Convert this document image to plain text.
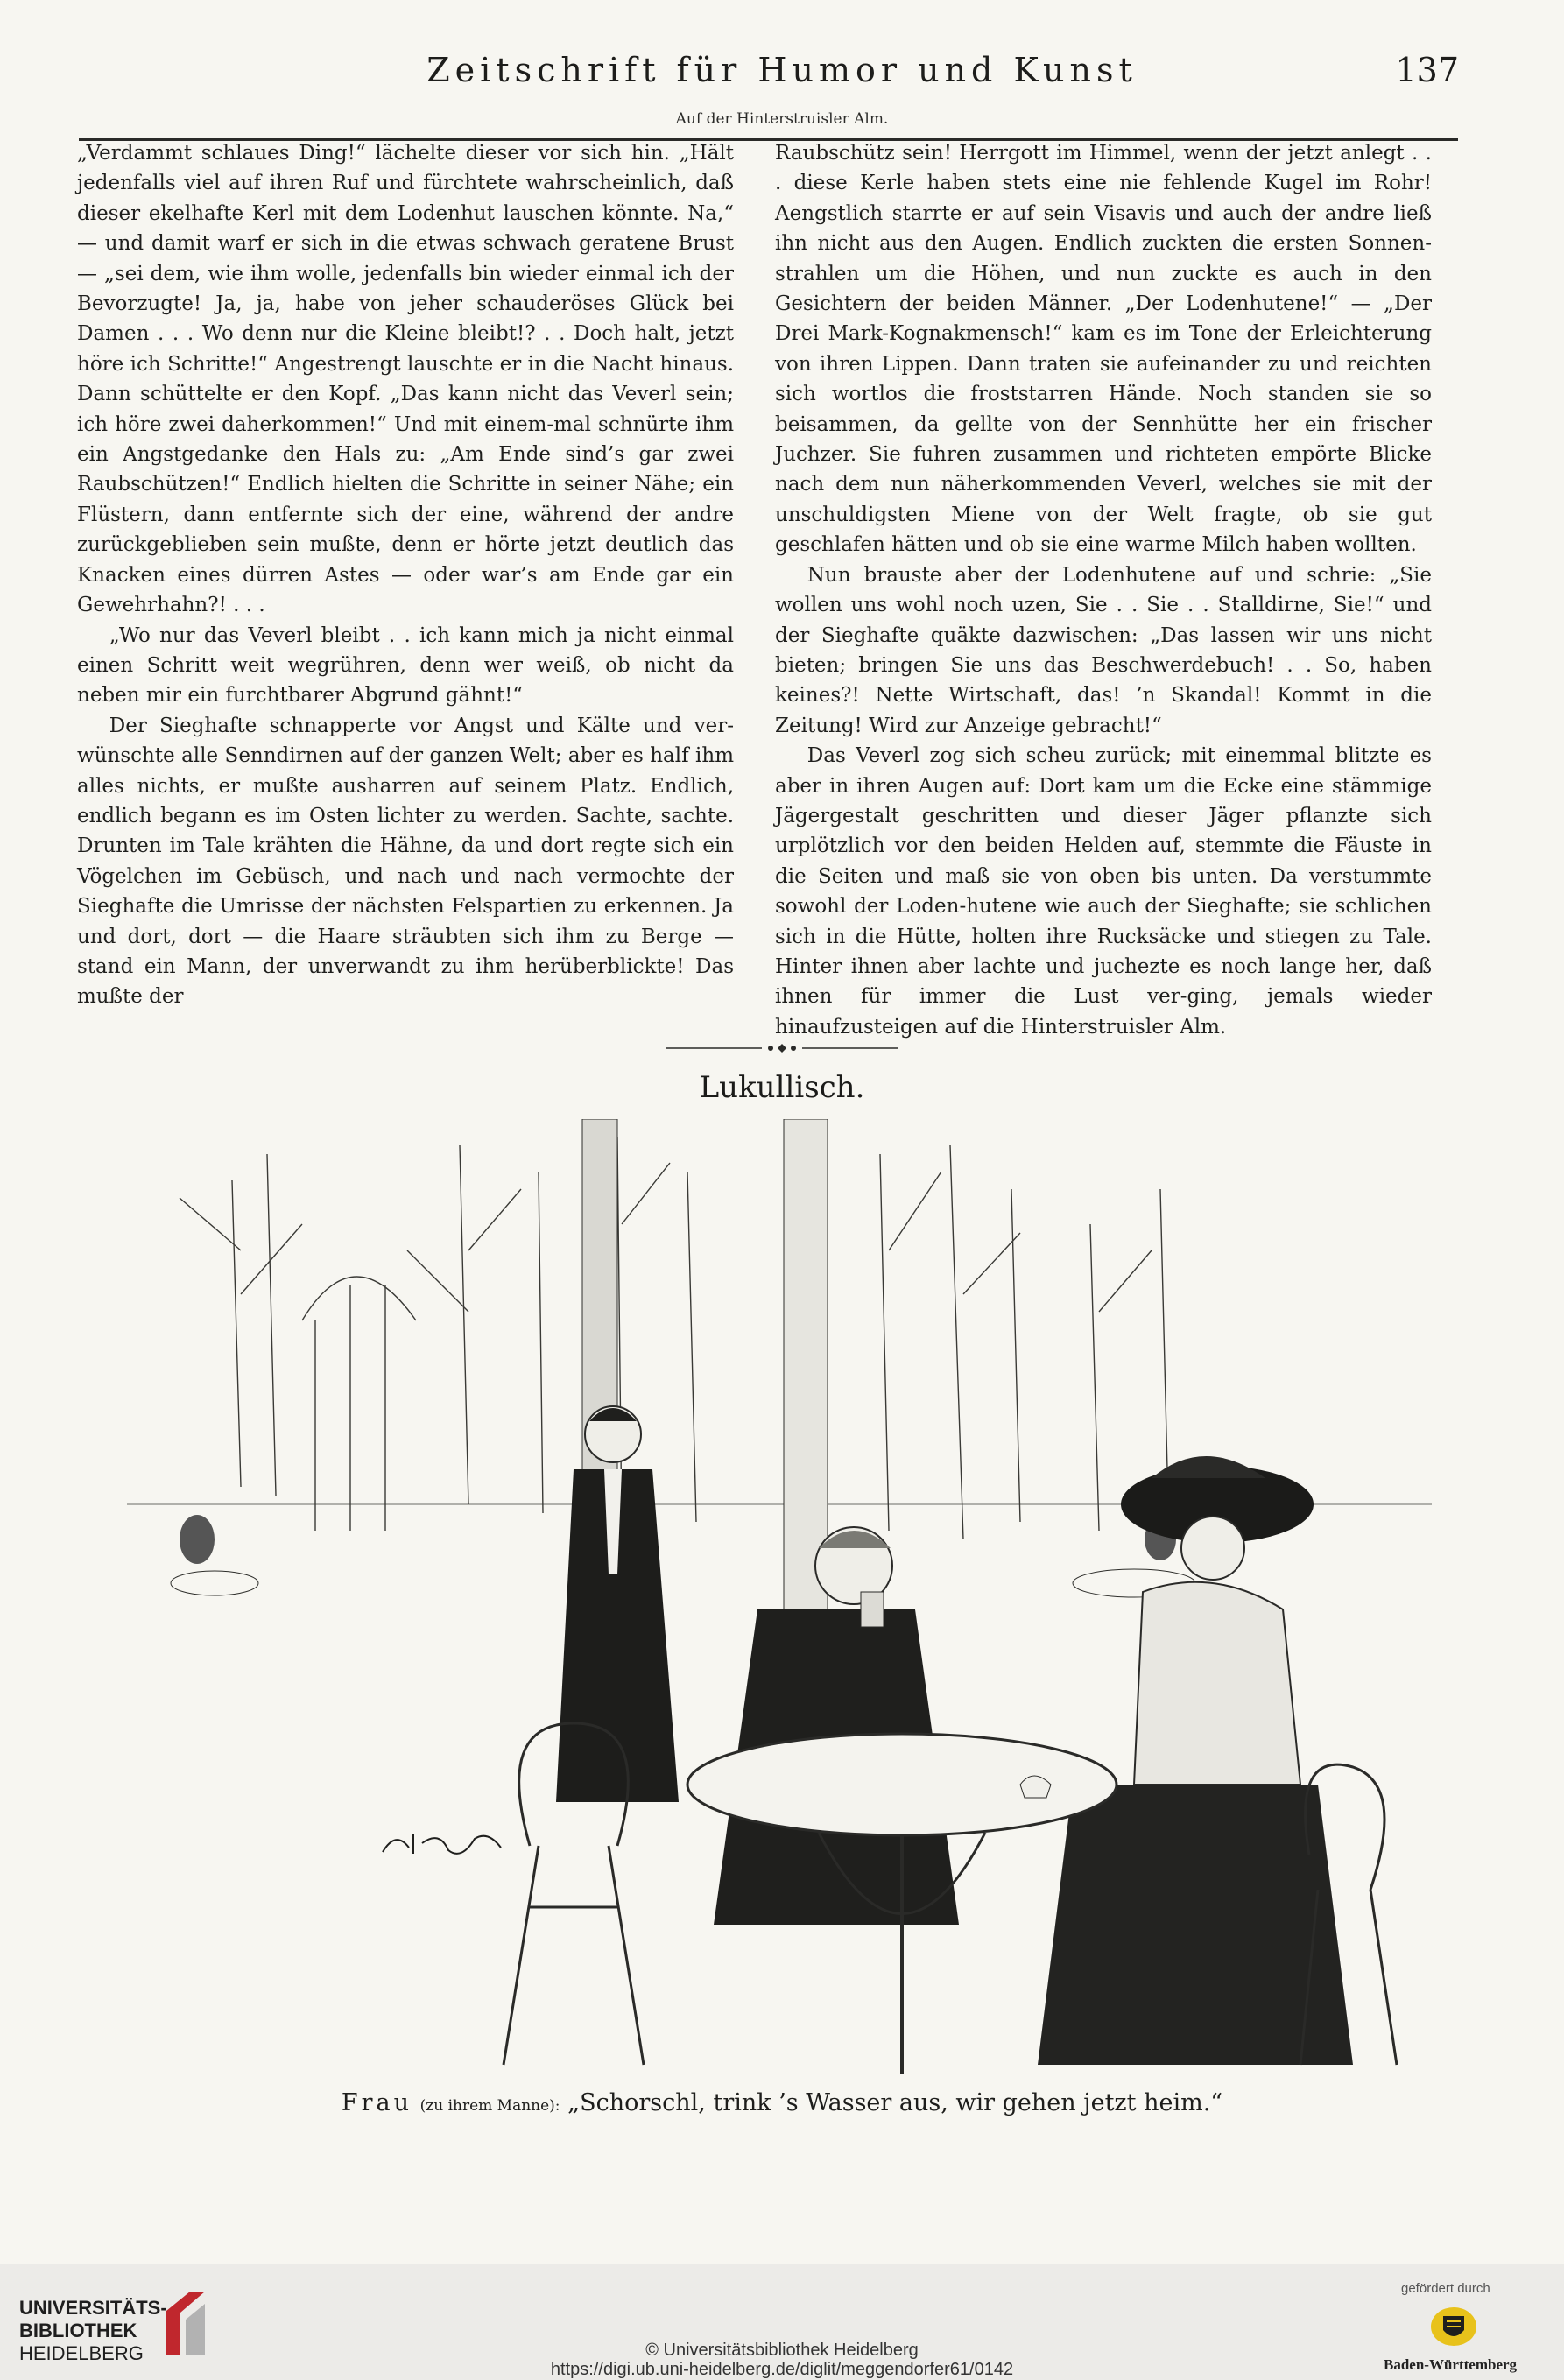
Zeitschrift für Humor und Kunst	137
Auf der Hinterstruisler Alm.

„Verdammt schlaues Ding!“ lächelte dieser vor sich hin. „Hält jedenfalls viel auf ihren Ruf und fürchtete wahrscheinlich, daß dieser ekelhafte Kerl mit dem Lodenhut lauschen könnte. Na,“ — und damit warf er sich in die etwas schwach geratene Brust — „sei dem, wie ihm wolle, jedenfalls bin wieder einmal ich der Bevorzugte! Ja, ja, habe von jeher schauderöses Glück bei Damen . . . Wo denn nur die Kleine bleibt!? . . Doch halt, jetzt höre ich Schritte!“ Angestrengt lauschte er in die Nacht hinaus. Dann schüttelte er den Kopf. „Das kann nicht das Veverl sein; ich höre zwei daherkommen!“ Und mit einem-mal schnürte ihm ein Angstgedanke den Hals zu: „Am Ende sind’s gar zwei Raubschützen!“ Endlich hielten die Schritte in seiner Nähe; ein Flüstern, dann entfernte sich der eine, während der andre zurückgeblieben sein mußte, denn er hörte jetzt deutlich das Knacken eines dürren Astes — oder war’s am Ende gar ein Gewehrhahn?! . . .

„Wo nur das Veverl bleibt . . ich kann mich ja nicht einmal einen Schritt weit wegrühren, denn wer weiß, ob nicht da neben mir ein furchtbarer Abgrund gähnt!“

Der Sieghafte schnapperte vor Angst und Kälte und ver-wünschte alle Senndirnen auf der ganzen Welt; aber es half ihm alles nichts, er mußte ausharren auf seinem Platz. Endlich, endlich begann es im Osten lichter zu werden. Sachte, sachte. Drunten im Tale krähten die Hähne, da und dort regte sich ein Vögelchen im Gebüsch, und nach und nach vermochte der Sieghafte die Umrisse der nächsten Felspartien zu erkennen. Ja und dort, dort — die Haare sträubten sich ihm zu Berge — stand ein Mann, der unverwandt zu ihm herüberblickte! Das mußte der

Raubschütz sein! Herrgott im Himmel, wenn der jetzt anlegt . . . diese Kerle haben stets eine nie fehlende Kugel im Rohr! Aengstlich starrte er auf sein Visavis und auch der andre ließ ihn nicht aus den Augen. Endlich zuckten die ersten Sonnen-strahlen um die Höhen, und nun zuckte es auch in den Gesichtern der beiden Männer. „Der Lodenhutene!“ — „Der Drei Mark-Kognakmensch!“ kam es im Tone der Erleichterung von ihren Lippen. Dann traten sie aufeinander zu und reichten sich wortlos die froststarren Hände. Noch standen sie so beisammen, da gellte von der Sennhütte her ein frischer Juchzer. Sie fuhren zusammen und richteten empörte Blicke nach dem nun näherkommenden Veverl, welches sie mit der unschuldigsten Miene von der Welt fragte, ob sie gut geschlafen hätten und ob sie eine warme Milch haben wollten.

Nun brauste aber der Lodenhutene auf und schrie: „Sie wollen uns wohl noch uzen, Sie . . Sie . . Stalldirne, Sie!“ und der Sieghafte quäkte dazwischen: „Das lassen wir uns nicht bieten; bringen Sie uns das Beschwerdebuch! . . So, haben keines?! Nette Wirtschaft, das! ’n Skandal! Kommt in die Zeitung! Wird zur Anzeige gebracht!“

Das Veverl zog sich scheu zurück; mit einemmal blitzte es aber in ihren Augen auf: Dort kam um die Ecke eine stämmige Jägergestalt geschritten und dieser Jäger pflanzte sich urplötzlich vor den beiden Helden auf, stemmte die Fäuste in die Seiten und maß sie von oben bis unten. Da verstummte sowohl der Loden-hutene wie auch der Sieghafte; sie schlichen sich in die Hütte, holten ihre Rucksäcke und stiegen zu Tale. Hinter ihnen aber lachte und juchezte es noch lange her, daß ihnen für immer die Lust ver-ging, jemals wieder hinaufzusteigen auf die Hinterstruisler Alm.

Lukullisch.
Frau (zu ihrem Manne): „Schorschl, trink ’s Wasser aus, wir gehen jetzt heim.“
UNIVERSITÄTS-
BIBLIOTHEK
HEIDELBERG	© Universitätsbibliothek Heidelberg
https://digi.ub.uni-heidelberg.de/diglit/meggendorfer61/0142
gefördert durch
Baden-Württemberg
